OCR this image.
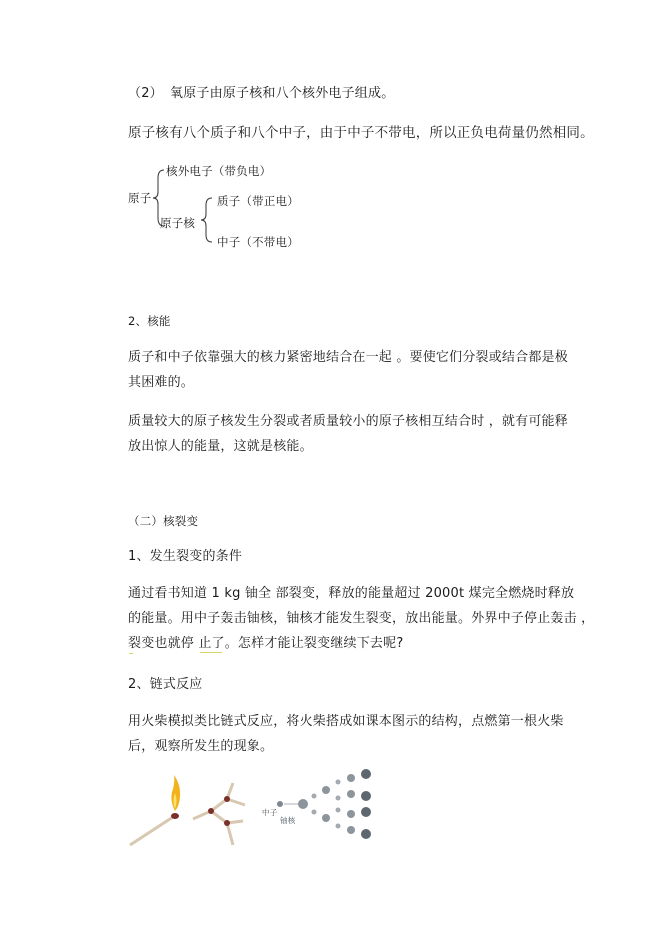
（2） 氧原子由原子核和八个核外电子组成。
原子核有八个质子和八个中子，由于中子不带电，所以正负电荷量仍然相同。
原子
核外电子（带负电）
原子核
质子（带正电）
中子（不带电）
2、核能
质子和中子依靠强大的核力紧密地结合在一起 。要使它们分裂或结合都是极
其困难的。
质量较大的原子核发生分裂或者质量较小的原子核相互结合时 ，就有可能释
放出惊人的能量，这就是核能。
（二）核裂变
1、发生裂变的条件
通过看书知道 1 kg 铀全 部裂变，释放的能量超过 2000t 煤完全燃烧时释放
的能量。用中子轰击铀核，铀核才能发生裂变，放出能量。外界中子停止轰击 ，
裂变也就停 止了。怎样才能让裂变继续下去呢?
2、链式反应
用火柴模拟类比链式反应，将火柴搭成如课本图示的结构，点燃第一根火柴
后，观察所发生的现象。
中子
铀核
